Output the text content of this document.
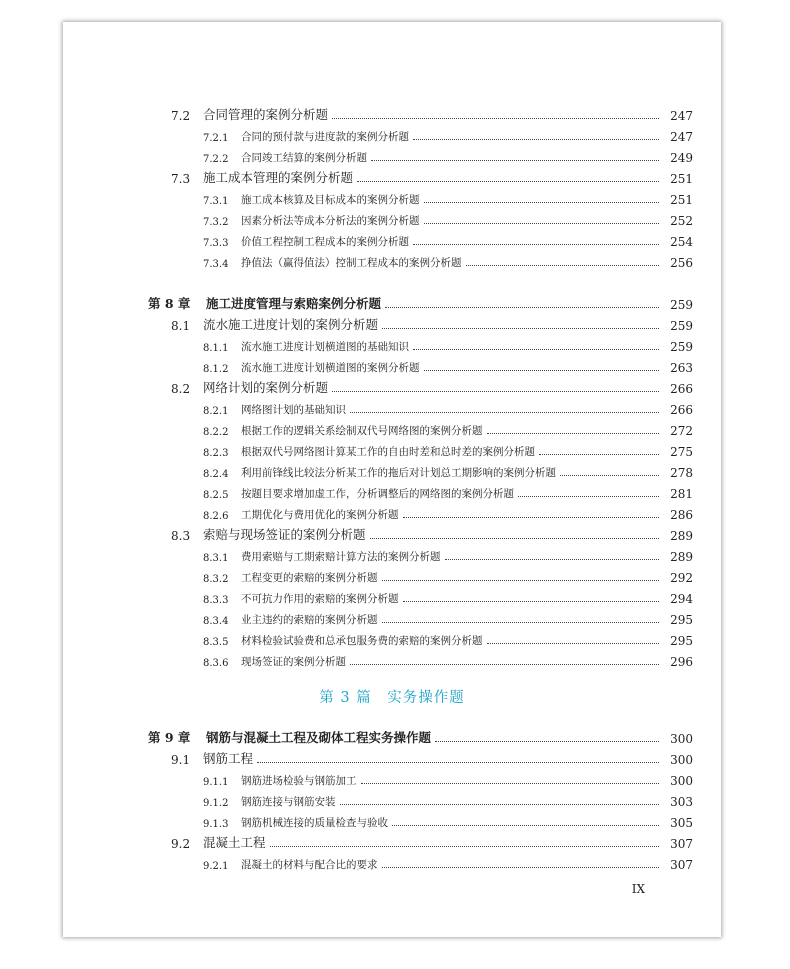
7.2	合同管理的案例分析题	247
7.2.1	合同的预付款与进度款的案例分析题	247
7.2.2	合同竣工结算的案例分析题	249
7.3	施工成本管理的案例分析题	251
7.3.1	施工成本核算及目标成本的案例分析题	251
7.3.2	因素分析法等成本分析法的案例分析题	252
7.3.3	价值工程控制工程成本的案例分析题	254
7.3.4	挣值法（赢得值法）控制工程成本的案例分析题	256
第 8 章	施工进度管理与索赔案例分析题	259
8.1	流水施工进度计划的案例分析题	259
8.1.1	流水施工进度计划横道图的基础知识	259
8.1.2	流水施工进度计划横道图的案例分析题	263
8.2	网络计划的案例分析题	266
8.2.1	网络图计划的基础知识	266
8.2.2	根据工作的逻辑关系绘制双代号网络图的案例分析题	272
8.2.3	根据双代号网络图计算某工作的自由时差和总时差的案例分析题	275
8.2.4	利用前锋线比较法分析某工作的拖后对计划总工期影响的案例分析题	278
8.2.5	按题目要求增加虚工作，分析调整后的网络图的案例分析题	281
8.2.6	工期优化与费用优化的案例分析题	286
8.3	索赔与现场签证的案例分析题	289
8.3.1	费用索赔与工期索赔计算方法的案例分析题	289
8.3.2	工程变更的索赔的案例分析题	292
8.3.3	不可抗力作用的索赔的案例分析题	294
8.3.4	业主违约的索赔的案例分析题	295
8.3.5	材料检验试验费和总承包服务费的索赔的案例分析题	295
8.3.6	现场签证的案例分析题	296
第 9 章	钢筋与混凝土工程及砌体工程实务操作题	300
9.1	钢筋工程	300
9.1.1	钢筋进场检验与钢筋加工	300
9.1.2	钢筋连接与钢筋安装	303
9.1.3	钢筋机械连接的质量检查与验收	305
9.2	混凝土工程	307
9.2.1	混凝土的材料与配合比的要求	307
第 3 篇　实务操作题
IX
